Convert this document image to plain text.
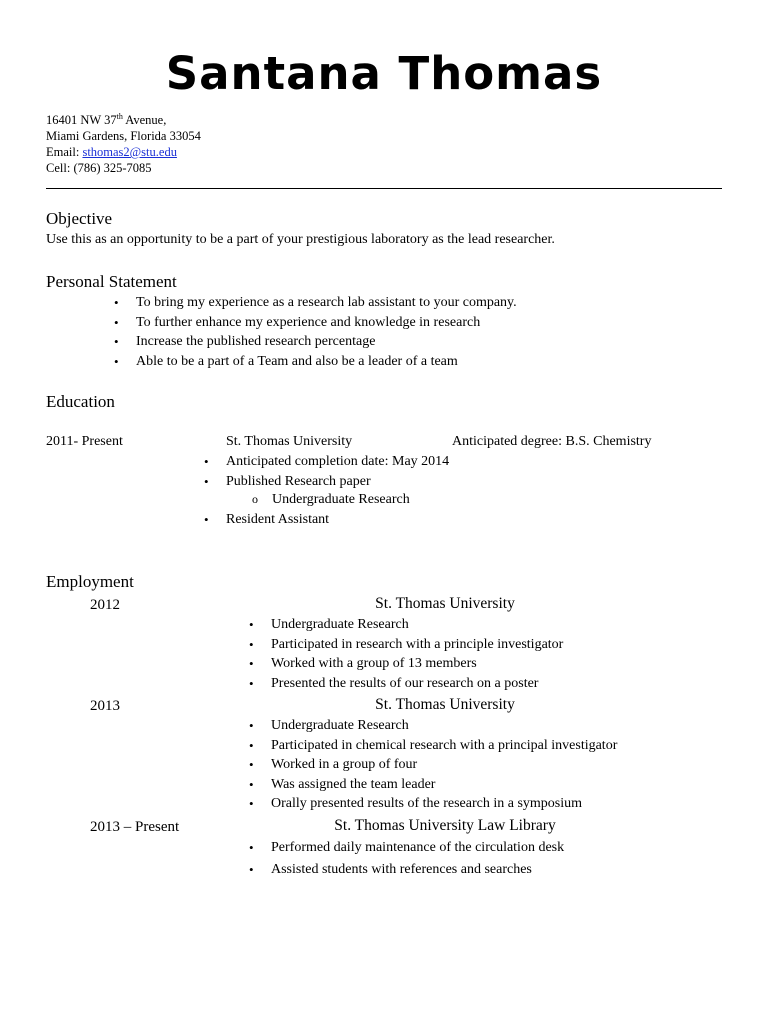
Santana Thomas
16401 NW 37th Avenue,
Miami Gardens, Florida 33054
Email: sthomas2@stu.edu
Cell: (786) 325-7085
Objective
Use this as an opportunity to be a part of your prestigious laboratory as the lead researcher.
Personal Statement
• To bring my experience as a research lab assistant to your company.
• To further enhance my experience and knowledge in research
• Increase the published research percentage
• Able to be a part of a Team and also be a leader of a team
Education
2011- Present	St. Thomas University	Anticipated degree: B.S. Chemistry
• Anticipated completion date: May 2014
• Published Research paper
o Undergraduate Research
• Resident Assistant
Employment
2012	St. Thomas University
• Undergraduate Research
• Participated in research with a principle investigator
• Worked with a group of 13 members
• Presented the results of our research on a poster
2013	St. Thomas University
• Undergraduate Research
• Participated in chemical research with a principal investigator
• Worked in a group of four
• Was assigned the team leader
• Orally presented results of the research in a symposium
2013 – Present	St. Thomas University Law Library
• Performed daily maintenance of the circulation desk
• Assisted students with references and searches
